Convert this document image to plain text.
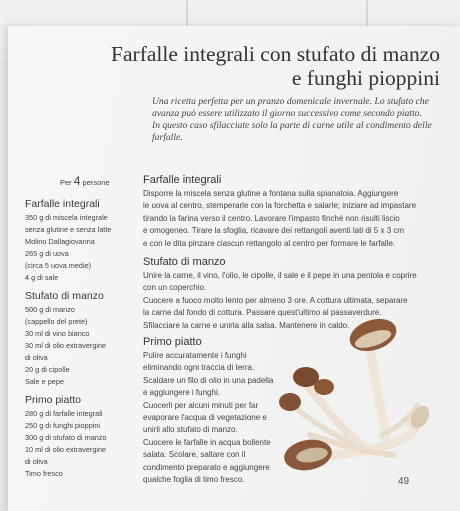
Farfalle integrali con stufato di manzo
e funghi pioppini
Una ricetta perfetta per un pranzo domenicale invernale. Lo stufato che
avanza può essere utilizzato il giorno successivo come secondo piatto.
In questo caso sfilacciate solo la parte di carne utile al condimento delle
farfalle.
Per 4 persone
Farfalle integrali
350 g di miscela integrale
senza glutine e senza latte
Molino Dallagiovanna
265 g di uova
(circa 5 uova medie)
4 g di sale
Stufato di manzo
500 g di manzo
(cappello del prete)
30 ml di vino bianco
30 ml di olio extravergine
di oliva
20 g di cipolle
Sale e pepe
Primo piatto
280 g di farfalle integrali
250 g di funghi pioppini
300 g di stufato di manzo
10 ml di olio extravergine
di oliva
Timo fresco
Farfalle integrali
Disporre la miscela senza glutine a fontana sulla spianatoia. Aggiungere
le uova al centro, stemperarle con la forchetta e salarle; iniziare ad impastare
tirando la farina verso il centro. Lavorare l'impasto finché non risulti liscio
e omogeneo. Tirare la sfoglia, ricavare dei rettangoli aventi lati di 5 x 3 cm
e con le dita pinzare ciascun rettangolo al centro per formare le farfalle.
Stufato di manzo
Unire la carne, il vino, l'olio, le cipolle, il sale e il pepe in una pentola e coprire
con un coperchio.
Cuocere a fuoco molto lento per almeno 3 ore. A cottura ultimata, separare
la carne dal fondo di cottura. Passare quest'ultimo al passaverdure.
Sfilacciare la carne e unirla alla salsa. Mantenere in caldo.
Primo piatto
Pulire accuratamente i funghi
eliminando ogni traccia di terra.
Scaldare un filo di olio in una padella
e aggiungere i funghi.
Cuocerli per alcuni minuti per far
evaporare l'acqua di vegetazione e
unirli allo stufato di manzo.
Cuocere le farfalle in acqua bollente
salata. Scolare, saltare con il
condimento preparato e aggiungere
qualche foglia di timo fresco.	49
